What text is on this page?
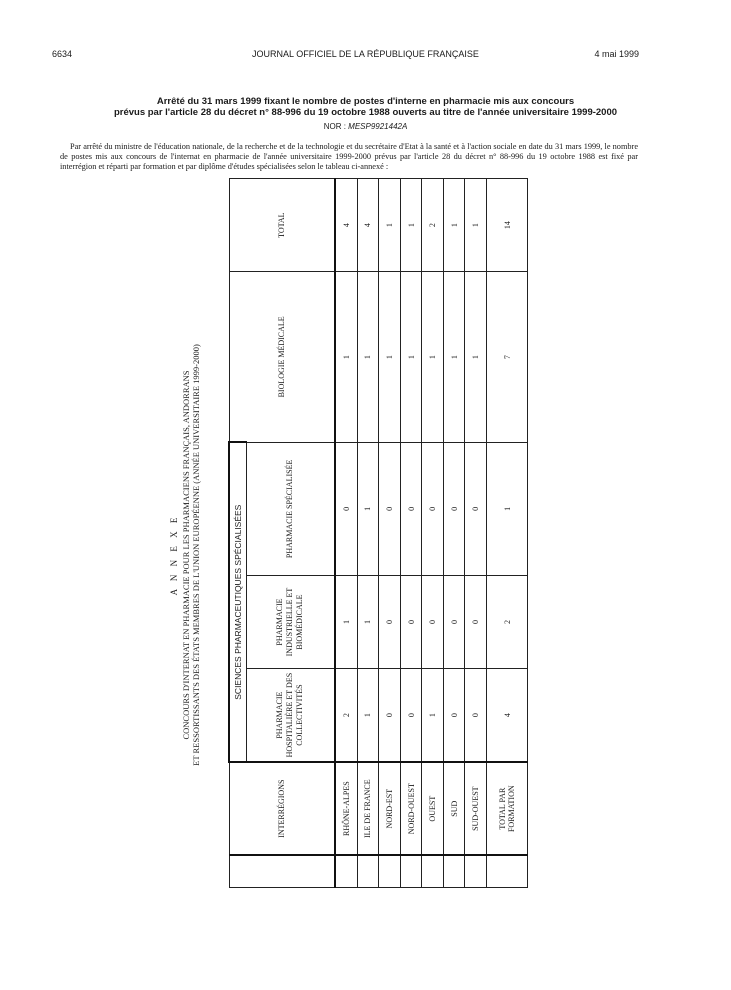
6634	JOURNAL OFFICIEL DE LA RÉPUBLIQUE FRANÇAISE	4 mai 1999
Arrêté du 31 mars 1999 fixant le nombre de postes d'interne en pharmacie mis aux concours
prévus par l'article 28 du décret n° 88-996 du 19 octobre 1988 ouverts au titre de l'année universitaire 1999-2000
NOR : MESP9921442A
Par arrêté du ministre de l'éducation nationale, de la recherche et de la technologie et du secrétaire d'Etat à la santé et à l'action sociale en date du 31 mars 1999, le nombre de postes mis aux concours de l'internat en pharmacie de l'année universitaire 1999-2000 prévus par l'article 28 du décret n° 88-996 du 19 octobre 1988 est fixé par interrégion et réparti par formation et par diplôme d'études spécialisées selon le tableau ci-annexé :
A N N E X E CONCOURS D'INTERNAT EN PHARMACIE POUR LES PHARMACIENS FRANÇAIS, ANDORRANS ET RESSORTISSANTS DES ÉTATS MEMBRES DE L'UNION EUROPÉENNE (ANNÉE UNIVERSITAIRE 1999-2000)
	INTERRÉGIONS	SCIENCES PHARMACEUTIQUES SPÉCIALISÉES			BIOLOGIE MÉDICALE	TOTAL
		PHARMACIE HOSPITALIÈRE ET DES COLLECTIVITÉS	PHARMACIE INDUSTRIELLE ET BIOMÉDICALE	PHARMACIE SPÉCIALISÉE		
	RHÔNE-ALPES	2	1	0	1	4
	ILE DE FRANCE	1	1	1	1	4
	NORD-EST	0	0	0	1	1
	NORD-OUEST	0	0	0	1	1
	OUEST	1	0	0	1	2
	SUD	0	0	0	1	1
	SUD-OUEST	0	0	0	1	1
	TOTAL PAR FORMATION	4	2	1	7	14
